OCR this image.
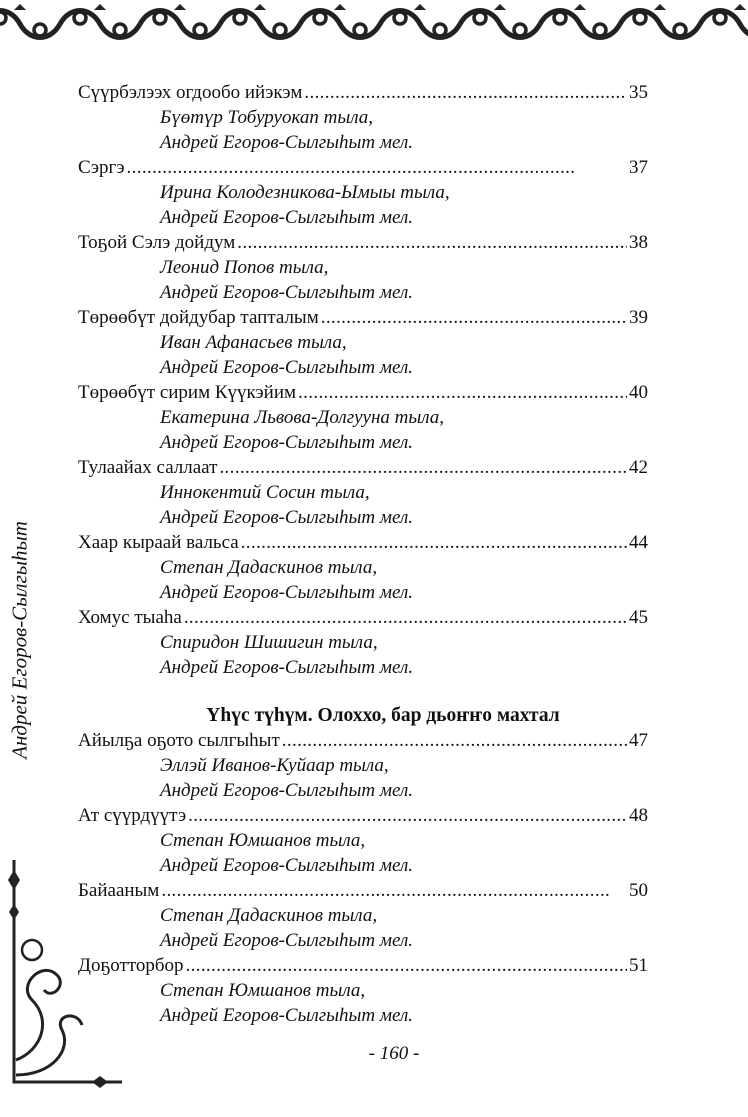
Андрей Егоров-Сылгыһыт
Сүүрбэлээх огдообо ийэкэм . . .	35
Бүөтүр Тобуруокап тыла,
Андрей Егоров-Сылгыһыт мел.
Сэргэ . . .	37
Ирина Колодезникова-Ымыы тыла,
Андрей Егоров-Сылгыһыт мел.
Тоҕой Сэлэ дойдум . . .	38
Леонид Попов тыла,
Андрей Егоров-Сылгыһыт мел.
Төрөөбүт дойдубар тапталым . . .	39
Иван Афанасьев тыла,
Андрей Егоров-Сылгыһыт мел.
Төрөөбүт сирим Күүкэйим . . .	40
Екатерина Львова-Долгууна тыла,
Андрей Егоров-Сылгыһыт мел.
Тулаайах саллаат . . .	42
Иннокентий Сосин тыла,
Андрей Егоров-Сылгыһыт мел.
Хаар кыраай вальса . . .	44
Степан Дадаскинов тыла,
Андрей Егоров-Сылгыһыт мел.
Хомус тыаһа . . .	45
Спиридон Шишигин тыла,
Андрей Егоров-Сылгыһыт мел.
Үһүс түһүм. Олоххо, бар дьоҥҥо махтал
Айылҕа оҕото сылгыһыт . . .	47
Эллэй Иванов-Куйаар тыла,
Андрей Егоров-Сылгыһыт мел.
Ат сүүрдүүтэ . . .	48
Степан Юмшанов тыла,
Андрей Егоров-Сылгыһыт мел.
Байааным . . .	50
Степан Дадаскинов тыла,
Андрей Егоров-Сылгыһыт мел.
Доҕотторбор . . .	51
Степан Юмшанов тыла,
Андрей Егоров-Сылгыһыт мел.
- 160 -
